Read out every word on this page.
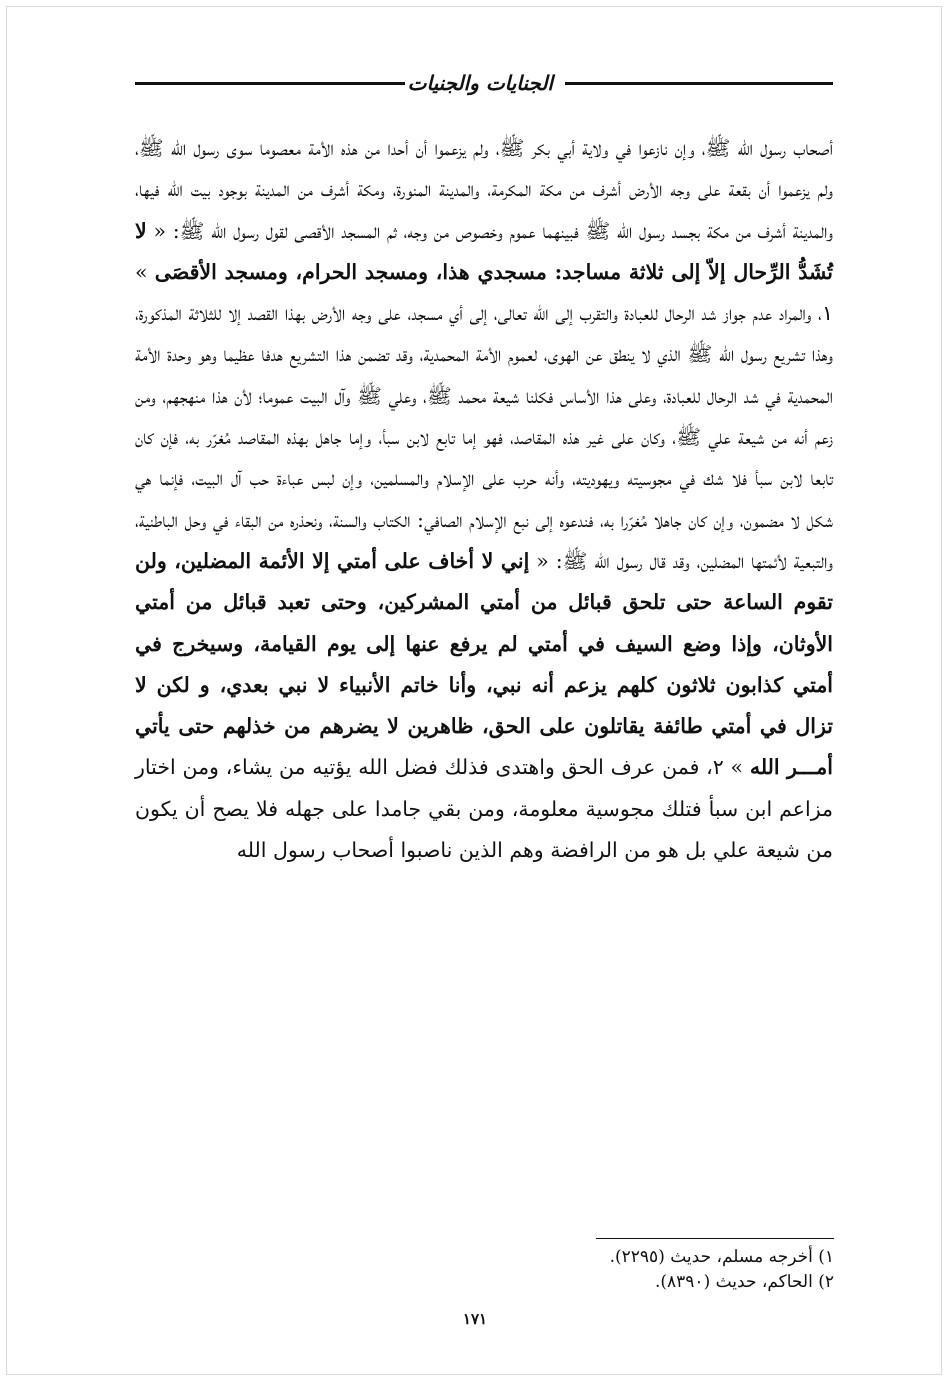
الجنايات والجنيات
أصحاب رسول الله ﷺ، وإن نازعوا في ولاية أبي بكر ﷺ، ولم يزعموا أن أحدا من هذه الأمة معصوما سوى رسول الله ﷺ، ولم يزعموا أن بقعة على وجه الأرض أشرف من مكة المكرمة، والمدينة المنورة، ومكة أشرف من المدينة بوجود بيت الله فيها، والمدينة أشرف من مكة بجسد رسول الله ﷺ فبينهما عموم وخصوص من وجه، ثم المسجد الأقصى لقول رسول الله ﷺ: « لا تُشَدُّ الرِّحال إلاّ إلى ثلاثة مساجد: مسجدي هذا، ومسجد الحرام، ومسجد الأقصَى » ١، والمراد عدم جواز شد الرحال للعبادة والتقرب إلى الله تعالى، إلى أي مسجد، على وجه الأرض بهذا القصد إلا للثلاثة المذكورة، وهذا تشريع رسول الله ﷺ الذي لا ينطق عن الهوى، لعموم الأمة المحمدية، وقد تضمن هذا التشريع هدفا عظيما وهو وحدة الأمة المحمدية في شد الرحال للعبادة، وعلى هذا الأساس فكلنا شيعة محمد ﷺ، وعلي ﷺ وآل البيت عموما؛ لأن هذا منهجهم، ومن زعم أنه من شيعة علي ﷺ، وكان على غير هذه المقاصد، فهو إما تابع لابن سبأ، وإما جاهل بهذه المقاصد مُغرّر به، فإن كان تابعا لابن سبأ فلا شك في مجوسيته ويهوديته، وأنه حرب على الإسلام والمسلمين، وإن لبس عباءة حب آل البيت، فإنما هي شكل لا مضمون، وإن كان جاهلا مُغرّرا به، فندعوه إلى نبع الإسلام الصافي: الكتاب والسنة، ونحذره من البقاء في وحل الباطنية، والتبعية لأئمتها المضلين، وقد قال رسول الله ﷺ: « إني لا أخاف على أمتي إلا الأئمة المضلين، ولن تقوم الساعة حتى تلحق قبائل من أمتي المشركين، وحتى تعبد قبائل من أمتي الأوثان، وإذا وضع السيف في أمتي لم يرفع عنها إلى يوم القيامة، وسيخرج في أمتي كذابون ثلاثون كلهم يزعم أنه نبي، وأنا خاتم الأنبياء لا نبي بعدي، و لكن لا تزال في أمتي طائفة يقاتلون على الحق، ظاهرين لا يضرهم من خذلهم حتى يأتي أمـــر الله » ٢، فمن عرف الحق واهتدى فذلك فضل الله يؤتيه من يشاء، ومن اختار مزاعم ابن سبأ فتلك مجوسية معلومة، ومن بقي جامدا على جهله فلا يصح أن يكون من شيعة علي بل هو من الرافضة وهم الذين ناصبوا أصحاب رسول الله
١) أخرجه مسلم، حديث (٢٢٩٥).
٢) الحاكم، حديث (٨٣٩٠).
١٧١
